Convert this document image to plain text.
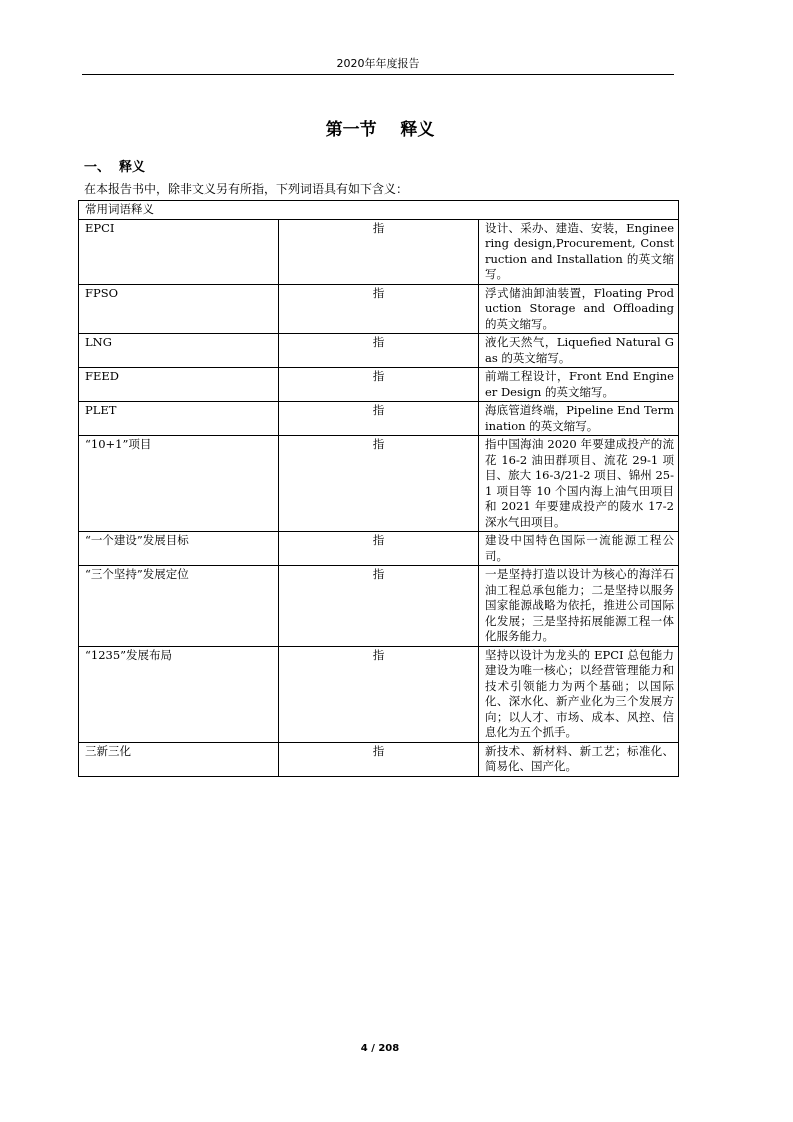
2020年年度报告
第一节    释义
一、  释义
在本报告书中，除非文义另有所指，下列词语具有如下含义：
常用词语释义		
EPCI	指	设计、采办、建造、安装，Engineering design,Procurement, Construction and Installation 的英文缩写。
FPSO	指	浮式储油卸油装置，Floating Production Storage and Offloading 的英文缩写。
LNG	指	液化天然气，Liquefied Natural Gas 的英文缩写。
FEED	指	前端工程设计，Front End Engineer Design 的英文缩写。
PLET	指	海底管道终端，Pipeline End Termination 的英文缩写。
“10+1”项目	指	指中国海油 2020 年要建成投产的流花 16-2 油田群项目、流花 29-1 项目、旅大 16-3/21-2 项目、锦州 25-1 项目等 10 个国内海上油气田项目和 2021 年要建成投产的陵水 17-2 深水气田项目。
“一个建设”发展目标	指	建设中国特色国际一流能源工程公司。
“三个坚持”发展定位	指	一是坚持打造以设计为核心的海洋石油工程总承包能力；二是坚持以服务国家能源战略为依托，推进公司国际化发展；三是坚持拓展能源工程一体化服务能力。
“1235”发展布局	指	坚持以设计为龙头的 EPCI 总包能力建设为唯一核心；以经营管理能力和技术引领能力为两个基础；以国际化、深水化、新产业化为三个发展方向；以人才、市场、成本、风控、信息化为五个抓手。
三新三化	指	新技术、新材料、新工艺；标准化、简易化、国产化。
4 / 208
